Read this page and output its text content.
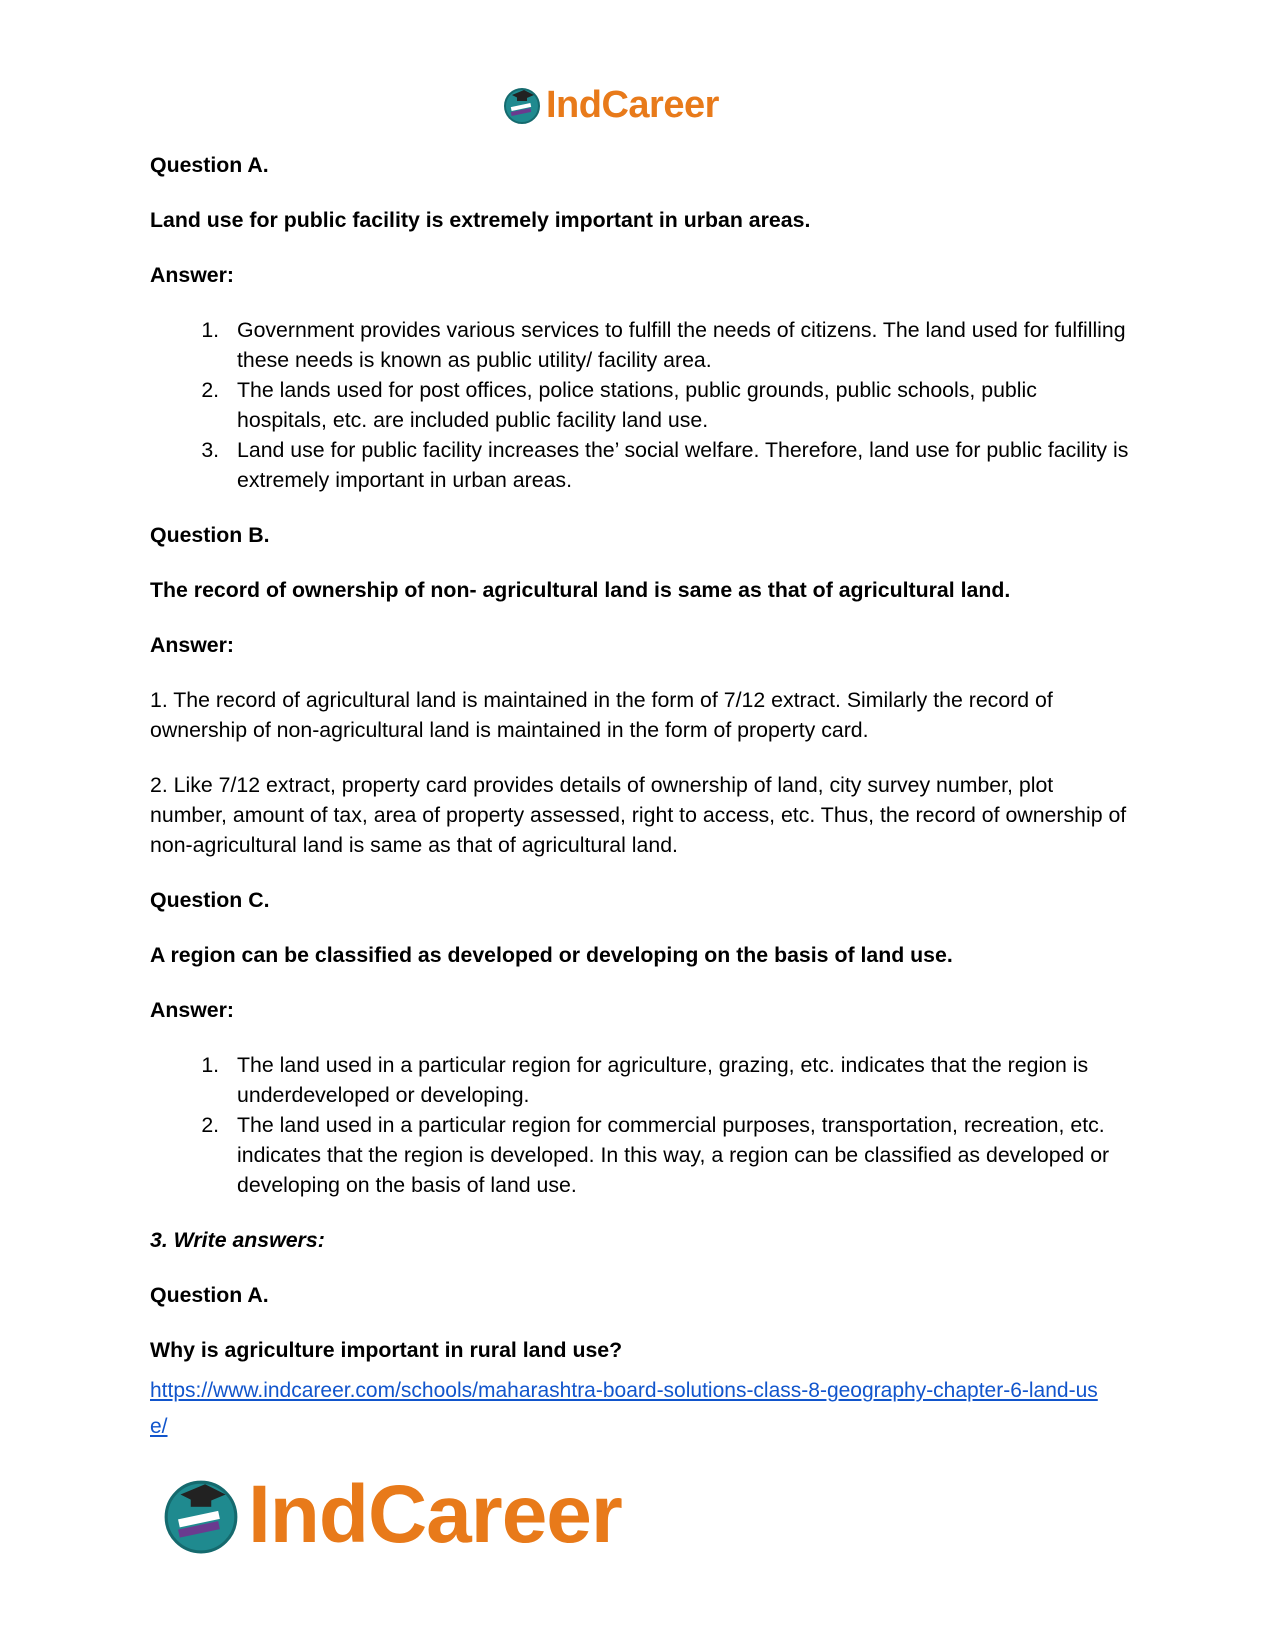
IndCareer

Question A.

Land use for public facility is extremely important in urban areas.

Answer:

1. Government provides various services to fulfill the needs of citizens. The land used for fulfilling these needs is known as public utility/ facility area.
2. The lands used for post offices, police stations, public grounds, public schools, public hospitals, etc. are included public facility land use.
3. Land use for public facility increases the’ social welfare. Therefore, land use for public facility is extremely important in urban areas.

Question B.

The record of ownership of non- agricultural land is same as that of agricultural land.

Answer:

1. The record of agricultural land is maintained in the form of 7/12 extract. Similarly the record of ownership of non-agricultural land is maintained in the form of property card.

2. Like 7/12 extract, property card provides details of ownership of land, city survey number, plot number, amount of tax, area of property assessed, right to access, etc. Thus, the record of ownership of non-agricultural land is same as that of agricultural land.

Question C.

A region can be classified as developed or developing on the basis of land use.

Answer:

1. The land used in a particular region for agriculture, grazing, etc. indicates that the region is underdeveloped or developing.
2. The land used in a particular region for commercial purposes, transportation, recreation, etc. indicates that the region is developed. In this way, a region can be classified as developed or developing on the basis of land use.

3. Write answers:

Question A.

Why is agriculture important in rural land use?

https://www.indcareer.com/schools/maharashtra-board-solutions-class-8-geography-chapter-6-land-use/
IndCareer
